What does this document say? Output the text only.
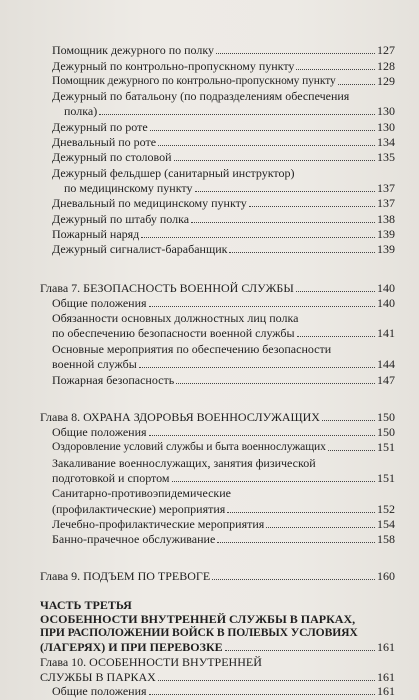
Помощник дежурного по полку	127
Дежурный по контрольно-пропускному пункту	128
Помощник дежурного по контрольно-пропускному пункту	129
Дежурный по батальону (по подразделениям обеспечения
полка)	130
Дежурный по роте	130
Дневальный по роте	134
Дежурный по столовой	135
Дежурный фельдшер (санитарный инструктор)
по медицинскому пункту	137
Дневальный по медицинскому пункту	137
Дежурный по штабу полка	138
Пожарный наряд	139
Дежурный сигналист-барабанщик	139
Глава 7. БЕЗОПАСНОСТЬ ВОЕННОЙ СЛУЖБЫ	140
Общие положения	140
Обязанности основных должностных лиц полка
по обеспечению безопасности военной службы	141
Основные мероприятия по обеспечению безопасности
военной службы	144
Пожарная безопасность	147
Глава 8. ОХРАНА ЗДОРОВЬЯ ВОЕННОСЛУЖАЩИХ	150
Общие положения	150
Оздоровление условий службы и быта военнослужащих	151
Закаливание военнослужащих, занятия физической
подготовкой и спортом	151
Санитарно-противоэпидемические
(профилактические) мероприятия	152
Лечебно-профилактические мероприятия	154
Банно-прачечное обслуживание	158
Глава 9. ПОДЪЕМ ПО ТРЕВОГЕ	160
ЧАСТЬ ТРЕТЬЯ
ОСОБЕННОСТИ ВНУТРЕННЕЙ СЛУЖБЫ В ПАРКАХ,
ПРИ РАСПОЛОЖЕНИИ ВОЙСК В ПОЛЕВЫХ УСЛОВИЯХ
(ЛАГЕРЯХ) И ПРИ ПЕРЕВОЗКЕ	161
Глава 10. ОСОБЕННОСТИ ВНУТРЕННЕЙ
СЛУЖБЫ В ПАРКАХ	161
Общие положения	161
